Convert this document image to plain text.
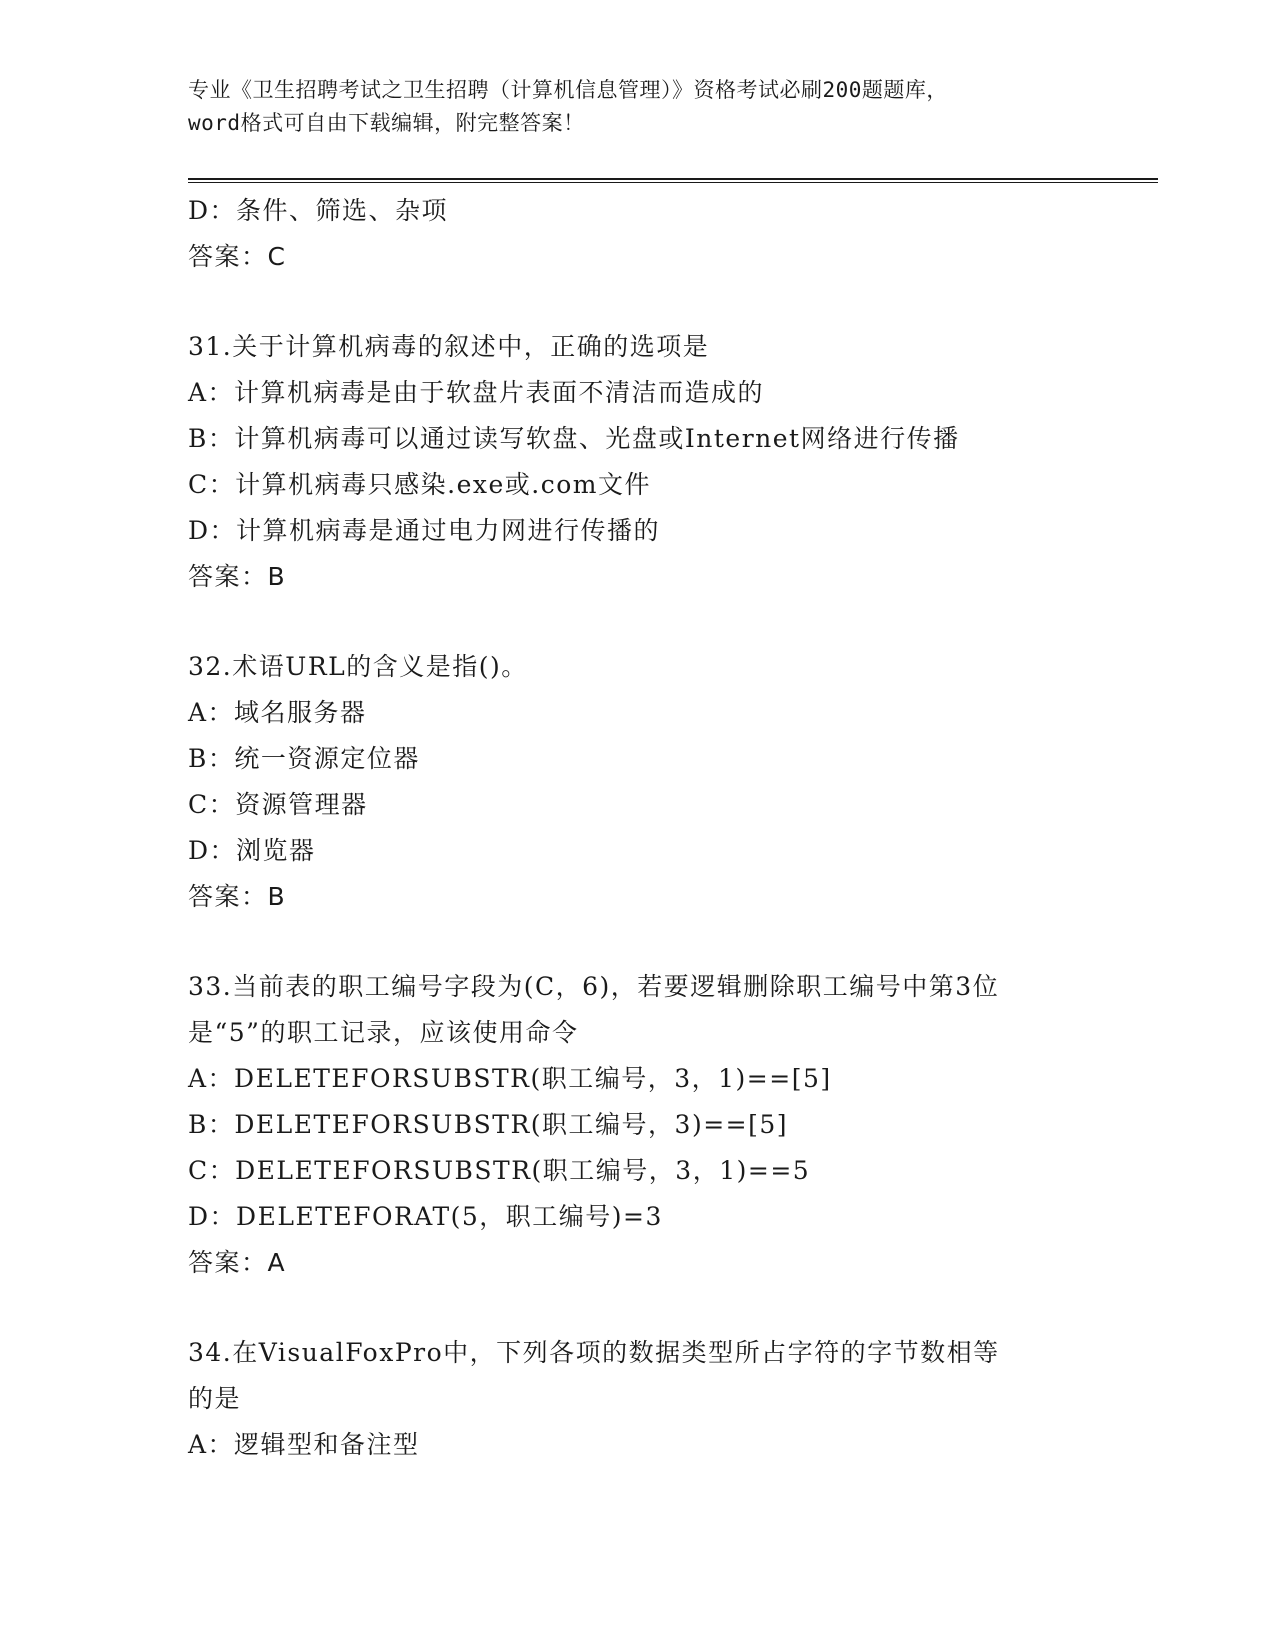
专业《卫生招聘考试之卫生招聘（计算机信息管理）》资格考试必刷200题题库，
word格式可自由下载编辑，附完整答案！
D：条件、筛选、杂项
答案：C
31.关于计算机病毒的叙述中，正确的选项是
A：计算机病毒是由于软盘片表面不清洁而造成的
B：计算机病毒可以通过读写软盘、光盘或Internet网络进行传播
C：计算机病毒只感染.exe或.com文件
D：计算机病毒是通过电力网进行传播的
答案：B
32.术语URL的含义是指()。
A：域名服务器
B：统一资源定位器
C：资源管理器
D：浏览器
答案：B
33.当前表的职工编号字段为(C，6)，若要逻辑删除职工编号中第3位
是“5”的职工记录，应该使用命令
A：DELETEFORSUBSTR(职工编号，3，1)==[5]
B：DELETEFORSUBSTR(职工编号，3)==[5]
C：DELETEFORSUBSTR(职工编号，3，1)==5
D：DELETEFORAT(5，职工编号)=3
答案：A
34.在VisualFoxPro中，下列各项的数据类型所占字符的字节数相等
的是
A：逻辑型和备注型
